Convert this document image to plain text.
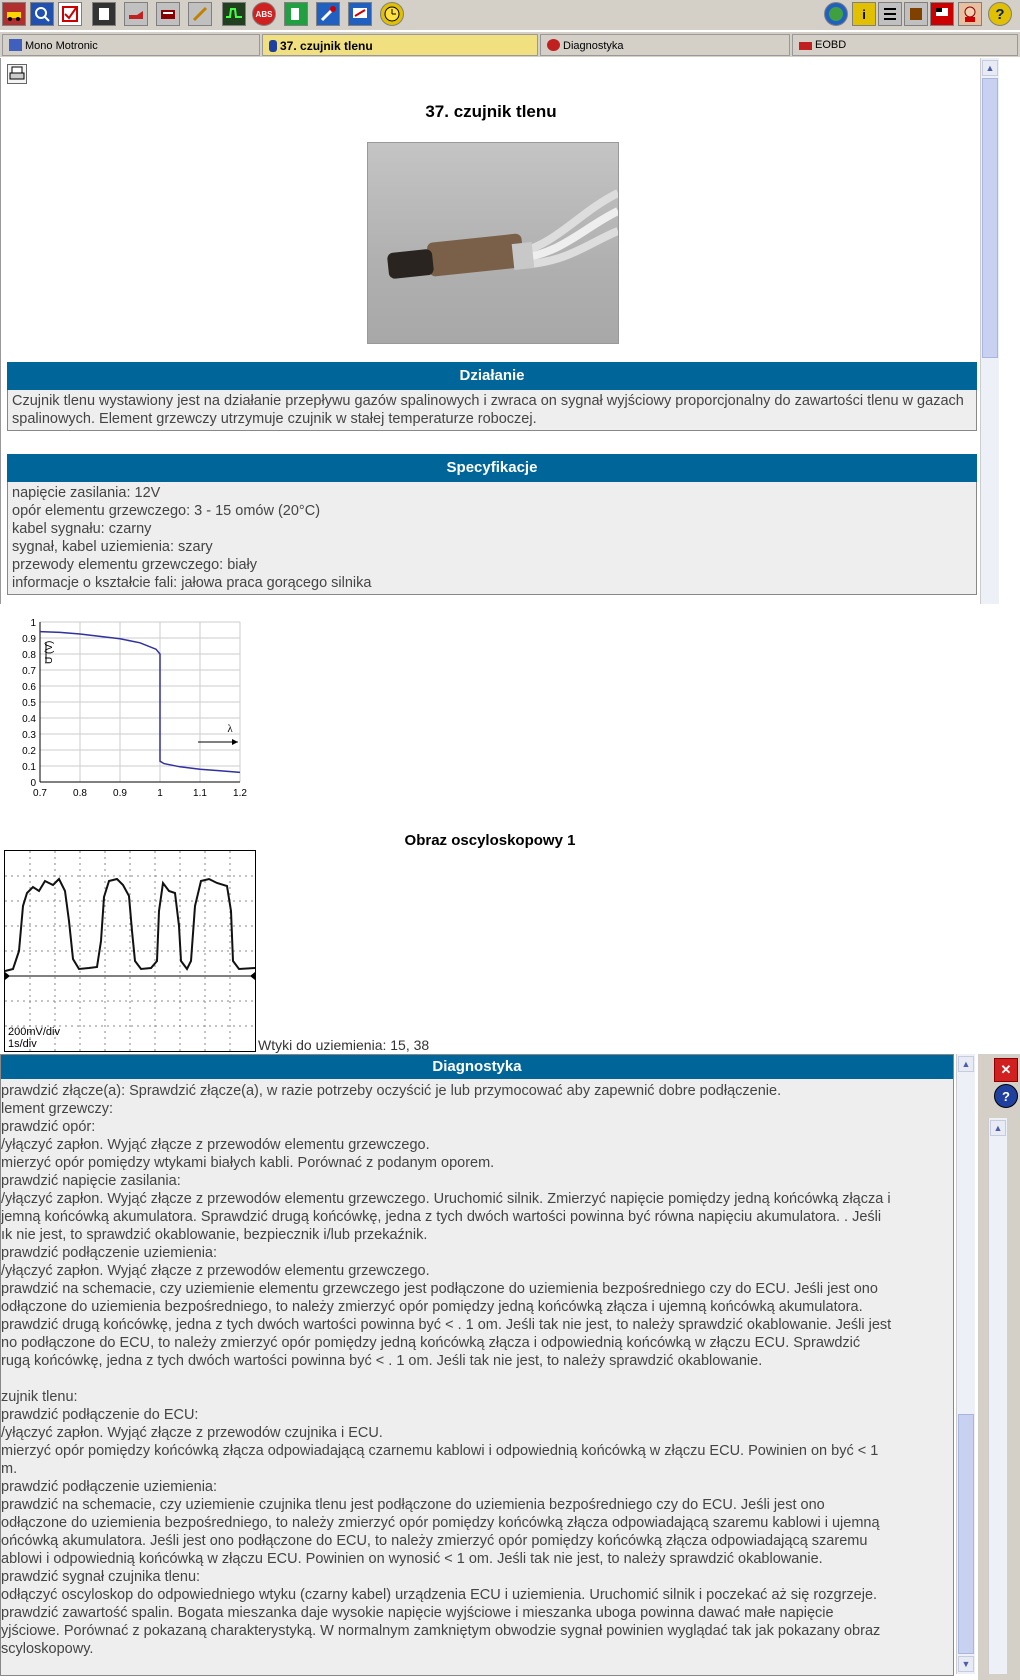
ABS	i	?
Mono Motronic	37. czujnik tlenu	Diagnostyka	EOBD
37. czujnik tlenu
Działanie
Czujnik tlenu wystawiony jest na działanie przepływu gazów spalinowych i zwraca on sygnał wyjściowy proporcjonalny do zawartości tlenu w gazach spalinowych. Element grzewczy utrzymuje czujnik w stałej temperaturze roboczej.
Specyfikacje
napięcie zasilania: 12V
opór elementu grzewczego: 3 - 15 omów (20°C)
kabel sygnału: czarny
sygnał, kabel uziemienia: szary
przewody elementu grzewczego: biały
informacje o kształcie fali: jałowa praca gorącego silnika
▲
0
0.1
0.2
0.3
0.4
0.5
0.6
0.7
0.8
0.9
1
0.7	0.8	0.9	1	1.1	1.2
U (V)
λ
Obraz oscyloskopowy 1
200mV/div
1s/div	Wtyki do uziemienia: 15, 38
Diagnostyka
prawdzić złącze(a): Sprawdzić złącze(a), w razie potrzeby oczyścić je lub przymocować aby zapewnić dobre podłączenie.
lement grzewczy:
prawdzić opór:
/yłączyć zapłon. Wyjąć złącze z przewodów elementu grzewczego.
mierzyć opór pomiędzy wtykami białych kabli. Porównać z podanym oporem.
prawdzić napięcie zasilania:
/yłączyć zapłon. Wyjąć złącze z przewodów elementu grzewczego. Uruchomić silnik. Zmierzyć napięcie pomiędzy jedną końcówką złącza i
jemną końcówką akumulatora. Sprawdzić drugą końcówkę, jedna z tych dwóch wartości powinna być równa napięciu akumulatora. . Jeśli
ık nie jest, to sprawdzić okablowanie, bezpiecznik i/lub przekaźnik.
prawdzić podłączenie uziemienia:
/yłączyć zapłon. Wyjąć złącze z przewodów elementu grzewczego.
prawdzić na schemacie, czy uziemienie elementu grzewczego jest podłączone do uziemienia bezpośredniego czy do ECU. Jeśli jest ono
odłączone do uziemienia bezpośredniego, to należy zmierzyć opór pomiędzy jedną końcówką złącza i ujemną końcówką akumulatora.
prawdzić drugą końcówkę, jedna z tych dwóch wartości powinna być < . 1 om. Jeśli tak nie jest, to należy sprawdzić okablowanie. Jeśli jest
no podłączone do ECU, to należy zmierzyć opór pomiędzy jedną końcówką złącza i odpowiednią końcówką w złączu ECU. Sprawdzić
rugą końcówkę, jedna z tych dwóch wartości powinna być < . 1 om. Jeśli tak nie jest, to należy sprawdzić okablowanie.
zujnik tlenu:
prawdzić podłączenie do ECU:
/yłączyć zapłon. Wyjąć złącze z przewodów czujnika i ECU.
mierzyć opór pomiędzy końcówką złącza odpowiadającą czarnemu kablowi i odpowiednią końcówką w złączu ECU. Powinien on być < 1
m.
prawdzić podłączenie uziemienia:
prawdzić na schemacie, czy uziemienie czujnika tlenu jest podłączone do uziemienia bezpośredniego czy do ECU. Jeśli jest ono
odłączone do uziemienia bezpośredniego, to należy zmierzyć opór pomiędzy końcówką złącza odpowiadającą szaremu kablowi i ujemną
ońcówką akumulatora. Jeśli jest ono podłączone do ECU, to należy zmierzyć opór pomiędzy końcówką złącza odpowiadającą szaremu
ablowi i odpowiednią końcówką w złączu ECU. Powinien on wynosić < 1 om. Jeśli tak nie jest, to należy sprawdzić okablowanie.
prawdzić sygnał czujnika tlenu:
odłączyć oscyloskop do odpowiedniego wtyku (czarny kabel) urządzenia ECU i uziemienia. Uruchomić silnik i poczekać aż się rozgrzeje.
prawdzić zawartość spalin. Bogata mieszanka daje wysokie napięcie wyjściowe i mieszanka uboga powinna dawać małe napięcie
yjściowe. Porównać z pokazaną charakterystyką. W normalnym zamkniętym obwodzie sygnał powinien wyglądać tak jak pokazany obraz
scyloskopowy.
▲
▼
✕
?
▲
